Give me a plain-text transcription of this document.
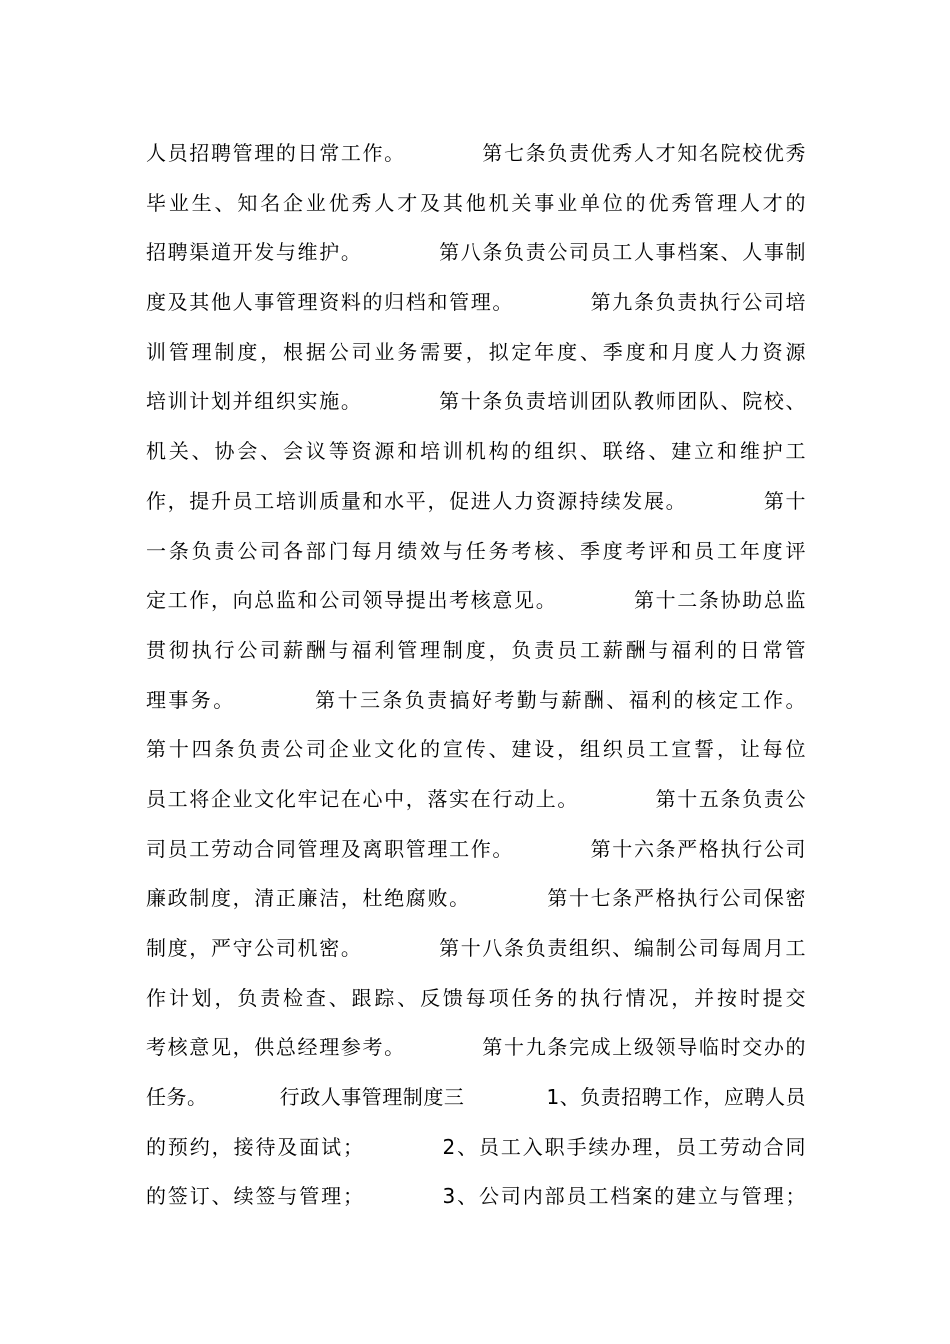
人员招聘管理的日常工作。　　　　第七条负责优秀人才知名院校优秀
毕业生、知名企业优秀人才及其他机关事业单位的优秀管理人才的
招聘渠道开发与维护。　　　　第八条负责公司员工人事档案、人事制
度及其他人事管理资料的归档和管理。　　　　第九条负责执行公司培
训管理制度，根据公司业务需要，拟定年度、季度和月度人力资源
培训计划并组织实施。　　　　第十条负责培训团队教师团队、院校、
机关、协会、会议等资源和培训机构的组织、联络、建立和维护工
作，提升员工培训质量和水平，促进人力资源持续发展。　　　　第十
一条负责公司各部门每月绩效与任务考核、季度考评和员工年度评
定工作，向总监和公司领导提出考核意见。　　　　第十二条协助总监
贯彻执行公司薪酬与福利管理制度，负责员工薪酬与福利的日常管
理事务。　　　　第十三条负责搞好考勤与薪酬、福利的核定工作。
第十四条负责公司企业文化的宣传、建设，组织员工宣誓，让每位
员工将企业文化牢记在心中，落实在行动上。　　　　第十五条负责公
司员工劳动合同管理及离职管理工作。　　　　第十六条严格执行公司
廉政制度，清正廉洁，杜绝腐败。　　　　第十七条严格执行公司保密
制度，严守公司机密。　　　　第十八条负责组织、编制公司每周月工
作计划，负责检查、跟踪、反馈每项任务的执行情况，并按时提交
考核意见，供总经理参考。　　　　第十九条完成上级领导临时交办的
任务。　　　　行政人事管理制度三　　　　1、负责招聘工作，应聘人员
的预约，接待及面试；　　　　2、员工入职手续办理，员工劳动合同
的签订、续签与管理；　　　　3、公司内部员工档案的建立与管理；
